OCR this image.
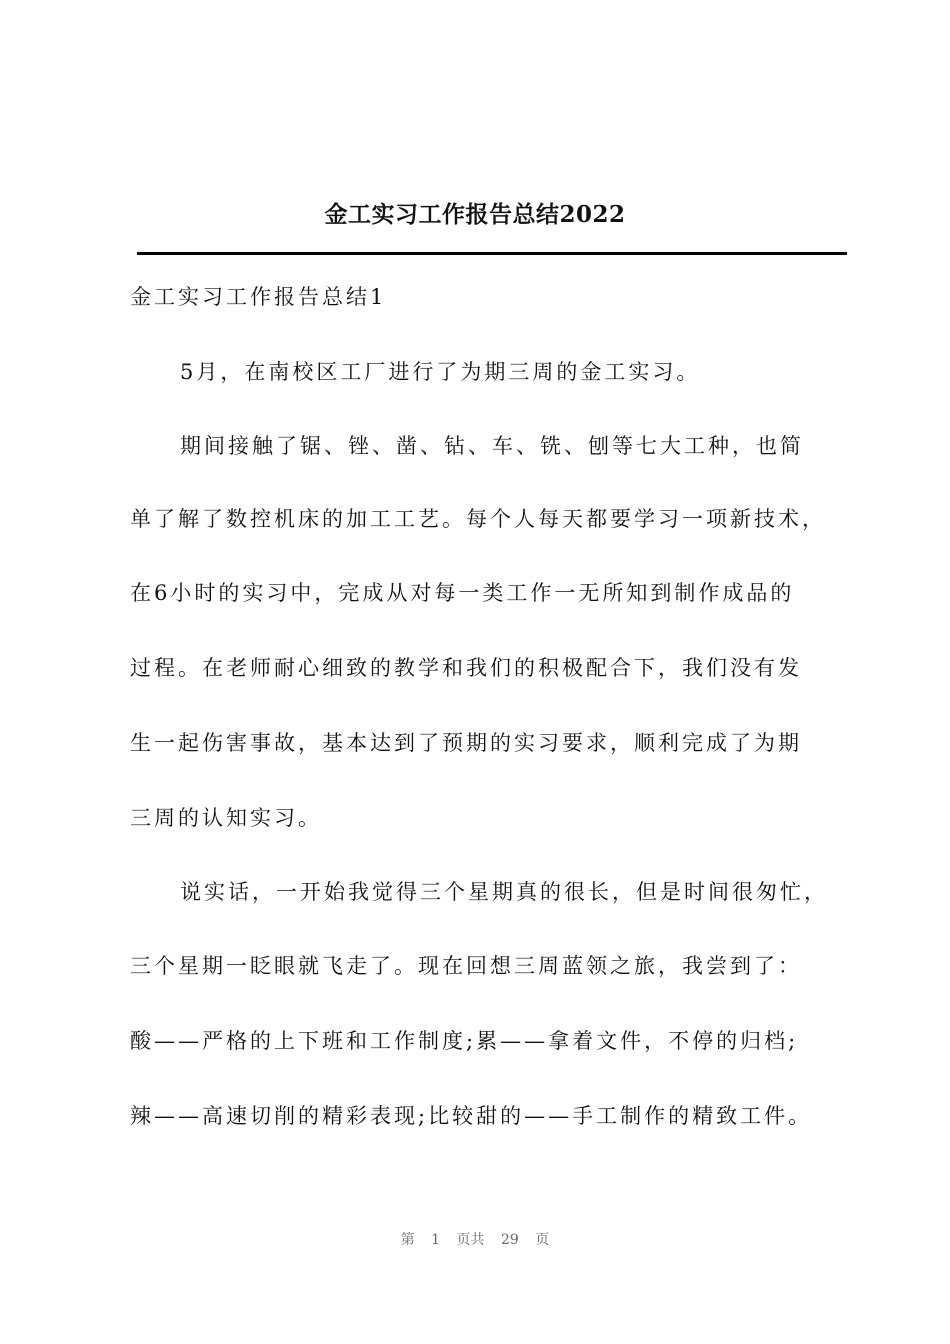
金工实习工作报告总结2022
金工实习工作报告总结1
5月，在南校区工厂进行了为期三周的金工实习。
期间接触了锯、锉、凿、钻、车、铣、刨等七大工种，也简
单了解了数控机床的加工工艺。每个人每天都要学习一项新技术，
在6小时的实习中，完成从对每一类工作一无所知到制作成品的
过程。在老师耐心细致的教学和我们的积极配合下，我们没有发
生一起伤害事故，基本达到了预期的实习要求，顺利完成了为期
三周的认知实习。
说实话，一开始我觉得三个星期真的很长，但是时间很匆忙，
三个星期一眨眼就飞走了。现在回想三周蓝领之旅，我尝到了：
酸——严格的上下班和工作制度;累——拿着文件，不停的归档;
辣——高速切削的精彩表现;比较甜的——手工制作的精致工件。
第 1 页共 29 页
